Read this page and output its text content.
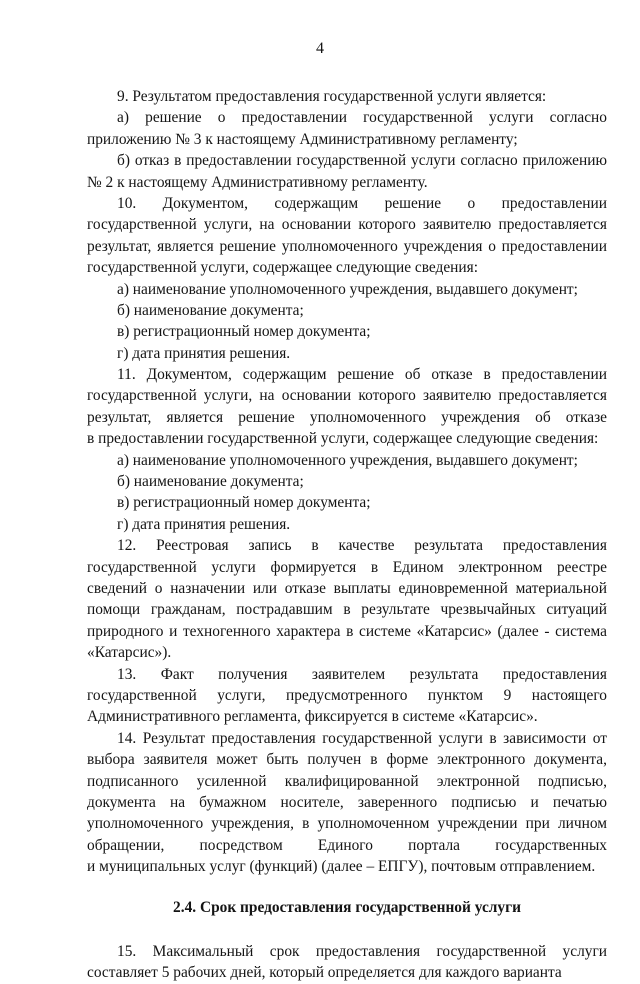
4
9. Результатом предоставления государственной услуги является:
а) решение о предоставлении государственной услуги согласно
приложению № 3 к настоящему Административному регламенту;
б) отказ в предоставлении государственной услуги согласно приложению
№ 2 к настоящему Административному регламенту.
10. Документом, содержащим решение о предоставлении
государственной услуги, на основании которого заявителю предоставляется
результат, является решение уполномоченного учреждения о предоставлении
государственной услуги, содержащее следующие сведения:
а) наименование уполномоченного учреждения, выдавшего документ;
б) наименование документа;
в) регистрационный номер документа;
г) дата принятия решения.
11. Документом, содержащим решение об отказе в предоставлении
государственной услуги, на основании которого заявителю предоставляется
результат, является решение уполномоченного учреждения об отказе
в предоставлении государственной услуги, содержащее следующие сведения:
а) наименование уполномоченного учреждения, выдавшего документ;
б) наименование документа;
в) регистрационный номер документа;
г) дата принятия решения.
12. Реестровая запись в качестве результата предоставления
государственной услуги формируется в Едином электронном реестре
сведений о назначении или отказе выплаты единовременной материальной
помощи гражданам, пострадавшим в результате чрезвычайных ситуаций
природного и техногенного характера в системе «Катарсис» (далее - система
«Катарсис»).
13. Факт получения заявителем результата предоставления
государственной услуги, предусмотренного пунктом 9 настоящего
Административного регламента, фиксируется в системе «Катарсис».
14. Результат предоставления государственной услуги в зависимости от
выбора заявителя может быть получен в форме электронного документа,
подписанного усиленной квалифицированной электронной подписью,
документа на бумажном носителе, заверенного подписью и печатью
уполномоченного учреждения, в уполномоченном учреждении при личном
обращении, посредством Единого портала государственных
и муниципальных услуг (функций) (далее – ЕПГУ), почтовым отправлением.
2.4. Срок предоставления государственной услуги
15. Максимальный срок предоставления государственной услуги
составляет 5 рабочих дней, который определяется для каждого варианта
